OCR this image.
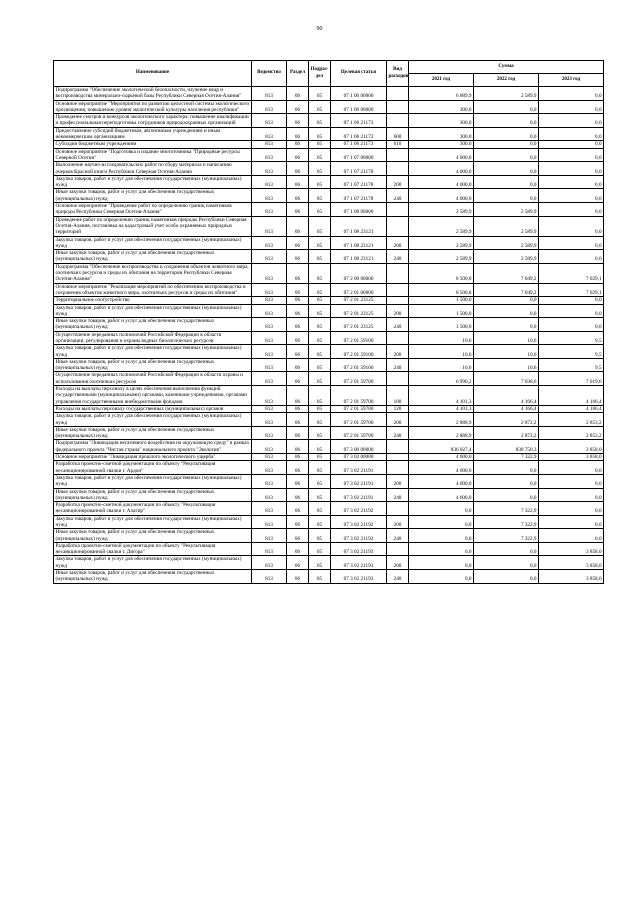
90
Наименование	Ведомство	Раздел	Подраз-
дел	Целевая статья	Вид
расходов	Сумма		
						2021 год	2022 год	2023 год
Подпрограмма "Обеспечение экологической безопасности, изучение недр и воспроизводства минерально-сырьевой базы Республики Северная Осетия-Алания"	813	06	05	07 1 00 00000		6 889,9	2 589,9	0,0
Основное мероприятие "Мероприятия по развитию целостной системы экологического просвещения, повышению уровня экологической культуры населения республики"	813	06	05	07 1 06 00000		300,0	0,0	0,0
Проведение смотров и конкурсов экологического характера; повышение квалификации и профессиональная переподготовка сотрудников природоохранных организаций	813	06	05	07 1 06 21173		300,0	0,0	0,0
Предоставление субсидий бюджетным, автономным учреждениям и иным некоммерческим организациям	813	06	05	07 1 06 21173	600	300,0	0,0	0,0
Субсидии бюджетным учреждениям	813	06	05	07 1 06 21173	610	300,0	0,0	0,0
Основное мероприятие "Подготовка и издание многотомника "Природные ресурсы Северной Осетии"	813	06	05	07 1 07 00000		4 000,0	0,0	0,0
Выполнение научно-исследовательских работ по сбору материала и написанию очерков Красной книги Республики Северная Осетия-Алания	813	06	05	07 1 07 21178		4 000,0	0,0	0,0
Закупка товаров, работ и услуг для обеспечения государственных (муниципальных) нужд	813	06	05	07 1 07 21178	200	4 000,0	0,0	0,0
Иные закупки товаров, работ и услуг для обеспечения государственных (муниципальных) нужд	813	06	05	07 1 07 21178	240	4 000,0	0,0	0,0
Основное мероприятие "Проведение работ по определению границ памятников природы Республики Северная Осетия-Алания"	813	06	05	07 1 08 00000		2 589,9	2 589,9	0,0
Проведение работ по определению границ памятников природы Республики Северная Осетия-Алания, постановка на кадастровый учет особо охраняемых природных территорий	813	06	05	07 1 08 23121		2 589,9	2 589,9	0,0
Закупка товаров, работ и услуг для обеспечения государственных (муниципальных) нужд	813	06	05	07 1 08 23121	200	2 589,9	2 589,9	0,0
Иные закупки товаров, работ и услуг для обеспечения государственных (муниципальных) нужд	813	06	05	07 1 08 23121	240	2 589,9	2 589,9	0,0
Подпрограмма "Обеспечение воспроизводства и сохранения объектов животного мира, охотничьих ресурсов и среды их обитания на территории Республики Северная Осетия-Алания"	813	06	05	07 2 00 00000		8 500,8	7 049,2	7 029,1
Основное мероприятие "Реализация мероприятий по обеспечению воспроизводства и сохранения объектов животного мира, охотничьих ресурсов и среды их обитания"	813	06	05	07 2 01 00000		8 500,8	7 049,2	7 029,1
Территориальное охотустройство	813	06	05	07 2 01 23125		1 500,0	0,0	0,0
Закупка товаров, работ и услуг для обеспечения государственных (муниципальных) нужд	813	06	05	07 2 01 23125	200	1 500,0	0,0	0,0
Иные закупки товаров, работ и услуг для обеспечения государственных (муниципальных) нужд	813	06	05	07 2 01 23125	240	1 500,0	0,0	0,0
Осуществление переданных полномочий Российской Федерации в области организации, регулирования и охраны водных биологических ресурсов	813	06	05	07 2 01 59100		10,6	10,6	9,5
Закупка товаров, работ и услуг для обеспечения государственных (муниципальных) нужд	813	06	05	07 2 01 59100	200	10,6	10,6	9,5
Иные закупки товаров, работ и услуг для обеспечения государственных (муниципальных) нужд	813	06	05	07 2 01 59100	240	10,6	10,6	9,5
Осуществление переданных полномочий Российской Федерации в области охраны и использования охотничьих ресурсов	813	06	05	07 2 01 59700		6 990,2	7 038,6	7 019,6
Расходы на выплаты персоналу в целях обеспечения выполнения функций государственными (муниципальными) органами, казенными учреждениями, органами управления государственными внебюджетными фондами	813	06	05	07 2 01 59700	100	4 101,3	4 166,4	4 166,4
Расходы на выплаты персоналу государственных (муниципальных) органов	813	06	05	07 2 01 59700	120	4 101,3	4 166,4	4 166,4
Закупка товаров, работ и услуг для обеспечения государственных (муниципальных) нужд	813	06	05	07 2 01 59700	200	2 888,9	2 872,2	2 853,2
Иные закупки товаров, работ и услуг для обеспечения государственных (муниципальных) нужд	813	06	05	07 2 01 59700	240	2 888,9	2 872,2	2 853,2
Подпрограмма "Ликвидация негативного воздействия на окружающую среду" в рамках федерального проекта "Чистая страна" национального проекта "Экология"	813	06	05	07 3 00 00000		836 027,4	838 750,3	3 858,0
Основное мероприятие "Ликвидация прошлого экологического ущерба"	813	06	05	07 3 02 00000		4 600,0	7 322,9	3 858,0
Разработка проектно-сметной документации по объекту "Рекультивация несанкционированной свалки г. Ардон"	813	06	05	07 3 02 21191		4 600,0	0,0	0,0
Закупка товаров, работ и услуг для обеспечения государственных (муниципальных) нужд	813	06	05	07 3 02 21191	200	4 600,0	0,0	0,0
Иные закупки товаров, работ и услуг для обеспечения государственных (муниципальных) нужд	813	06	05	07 3 02 21191	240	4 600,0	0,0	0,0
Разработка проектно-сметной документации по объекту "Рекультивация несанкционированной свалки г. Алагир"	813	06	05	07 3 02 21192		0,0	7 322,9	0,0
Закупка товаров, работ и услуг для обеспечения государственных (муниципальных) нужд	813	06	05	07 3 02 21192	200	0,0	7 322,9	0,0
Иные закупки товаров, работ и услуг для обеспечения государственных (муниципальных) нужд	813	06	05	07 3 02 21192	240	0,0	7 322,9	0,0
Разработка проектно-сметной документации по объекту "Рекультивация несанкционированной свалки г. Дигора"	813	06	05	07 3 02 21193		0,0	0,0	3 858,0
Закупка товаров, работ и услуг для обеспечения государственных (муниципальных) нужд	813	06	05	07 3 02 21193	200	0,0	0,0	3 858,0
Иные закупки товаров, работ и услуг для обеспечения государственных (муниципальных) нужд	813	06	05	07 3 02 21193	240	0,0	0,0	3 858,0
